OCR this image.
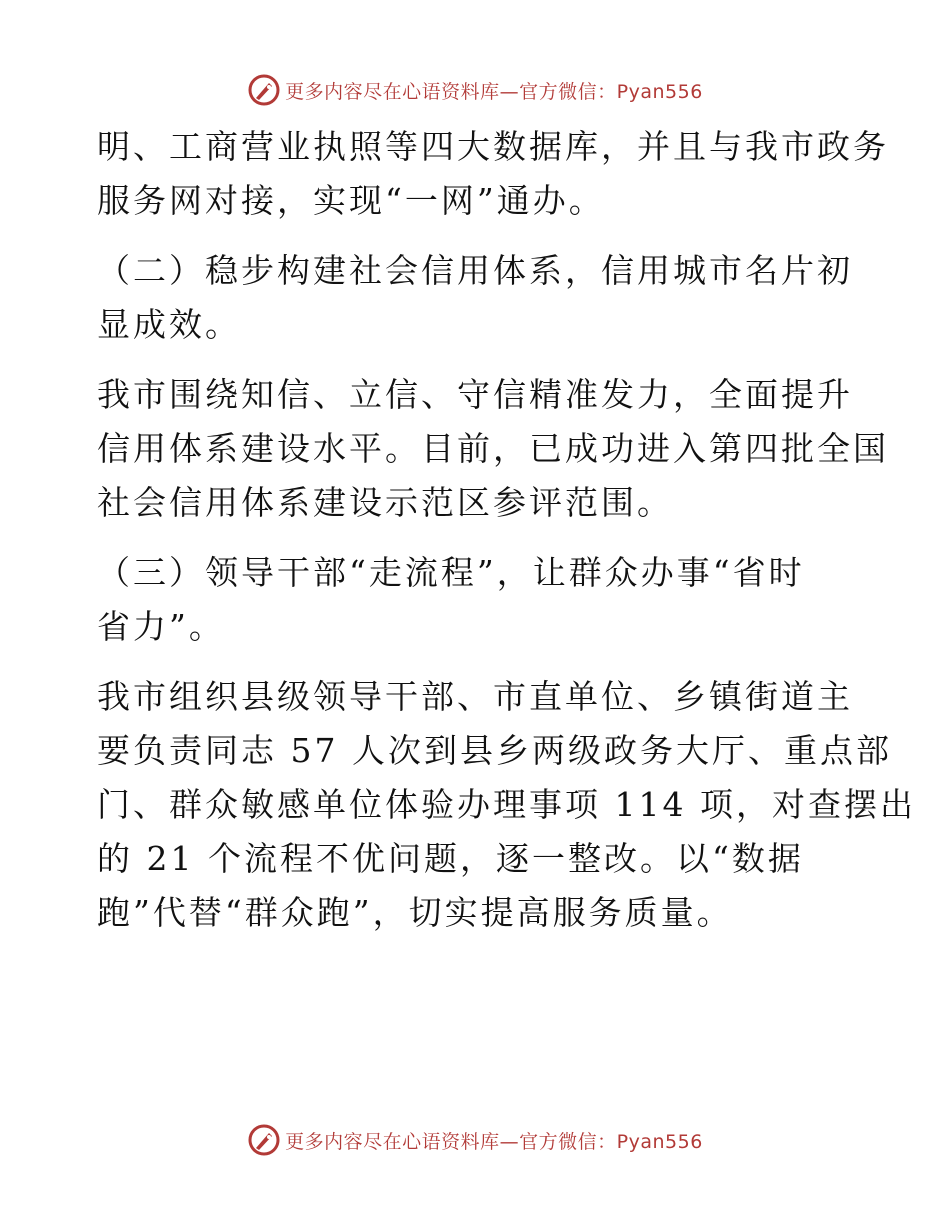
更多内容尽在心语资料库—官方微信：Pyan556

明、工商营业执照等四大数据库，并且与我市政务
服务网对接，实现“一网”通办。

（二）稳步构建社会信用体系，信用城市名片初
显成效。

我市围绕知信、立信、守信精准发力，全面提升
信用体系建设水平。目前，已成功进入第四批全国
社会信用体系建设示范区参评范围。

（三）领导干部“走流程”，让群众办事“省时
省力”。

我市组织县级领导干部、市直单位、乡镇街道主
要负责同志 57 人次到县乡两级政务大厅、重点部
门、群众敏感单位体验办理事项 114 项，对查摆出
的 21 个流程不优问题，逐一整改。以“数据
跑”代替“群众跑”，切实提高服务质量。

更多内容尽在心语资料库—官方微信：Pyan556
